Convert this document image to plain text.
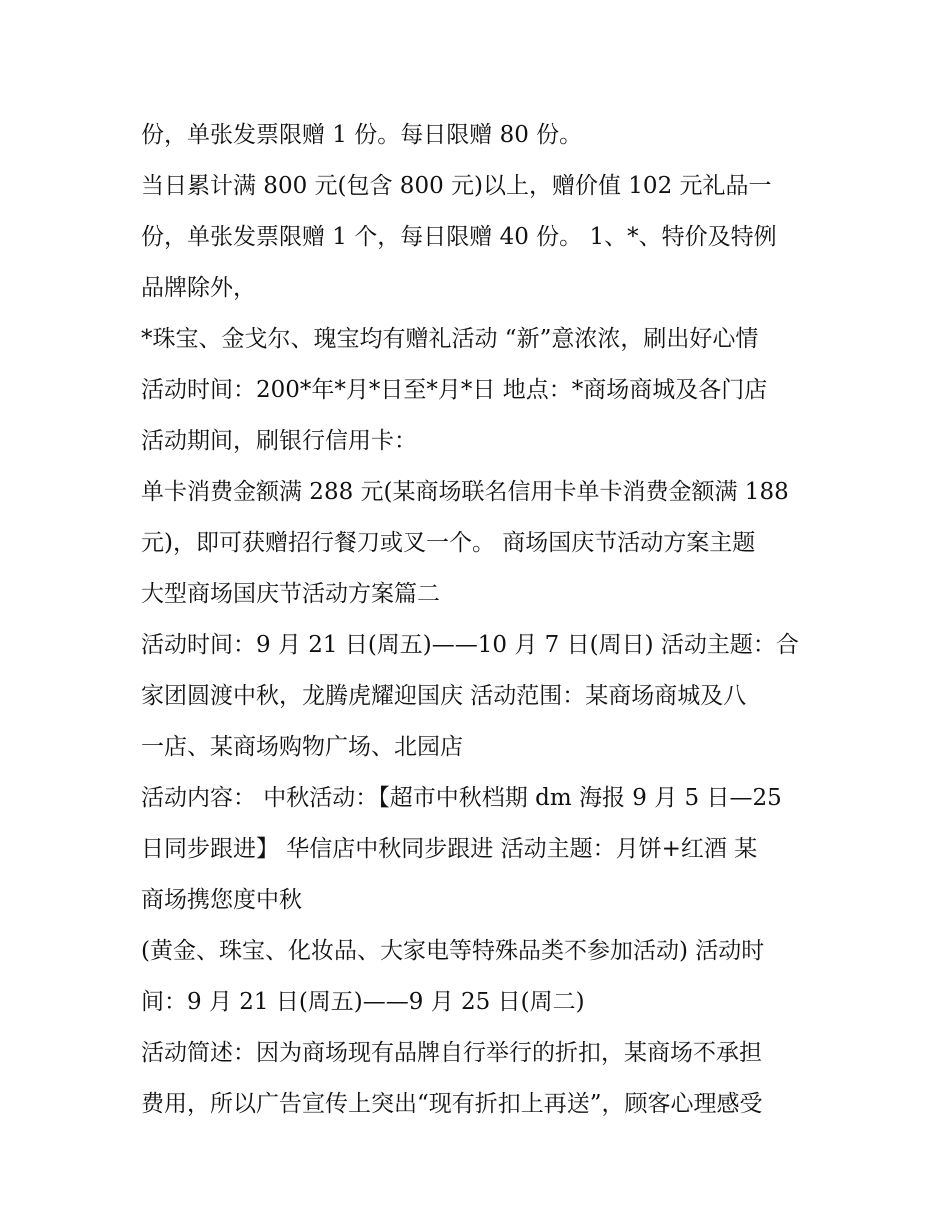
份，单张发票限赠 1 份。每日限赠 80 份。
当日累计满 800 元(包含 800 元)以上，赠价值 102 元礼品一
份，单张发票限赠 1 个，每日限赠 40 份。 1、*、特价及特例
品牌除外，
*珠宝、金戈尔、瑰宝均有赠礼活动 “新”意浓浓，刷出好心情
活动时间：200*年*月*日至*月*日 地点：*商场商城及各门店
活动期间，刷银行信用卡：
单卡消费金额满 288 元(某商场联名信用卡单卡消费金额满 188
元)，即可获赠招行餐刀或叉一个。 商场国庆节活动方案主题
大型商场国庆节活动方案篇二
活动时间：9 月 21 日(周五)——10 月 7 日(周日) 活动主题：合
家团圆渡中秋，龙腾虎耀迎国庆 活动范围：某商场商城及八
一店、某商场购物广场、北园店
活动内容： 中秋活动：【超市中秋档期 dm 海报 9 月 5 日—25
日同步跟进】 华信店中秋同步跟进 活动主题：月饼+红酒 某
商场携您度中秋
(黄金、珠宝、化妆品、大家电等特殊品类不参加活动) 活动时
间：9 月 21 日(周五)——9 月 25 日(周二)
活动简述：因为商场现有品牌自行举行的折扣，某商场不承担
费用，所以广告宣传上突出“现有折扣上再送”，顾客心理感受
